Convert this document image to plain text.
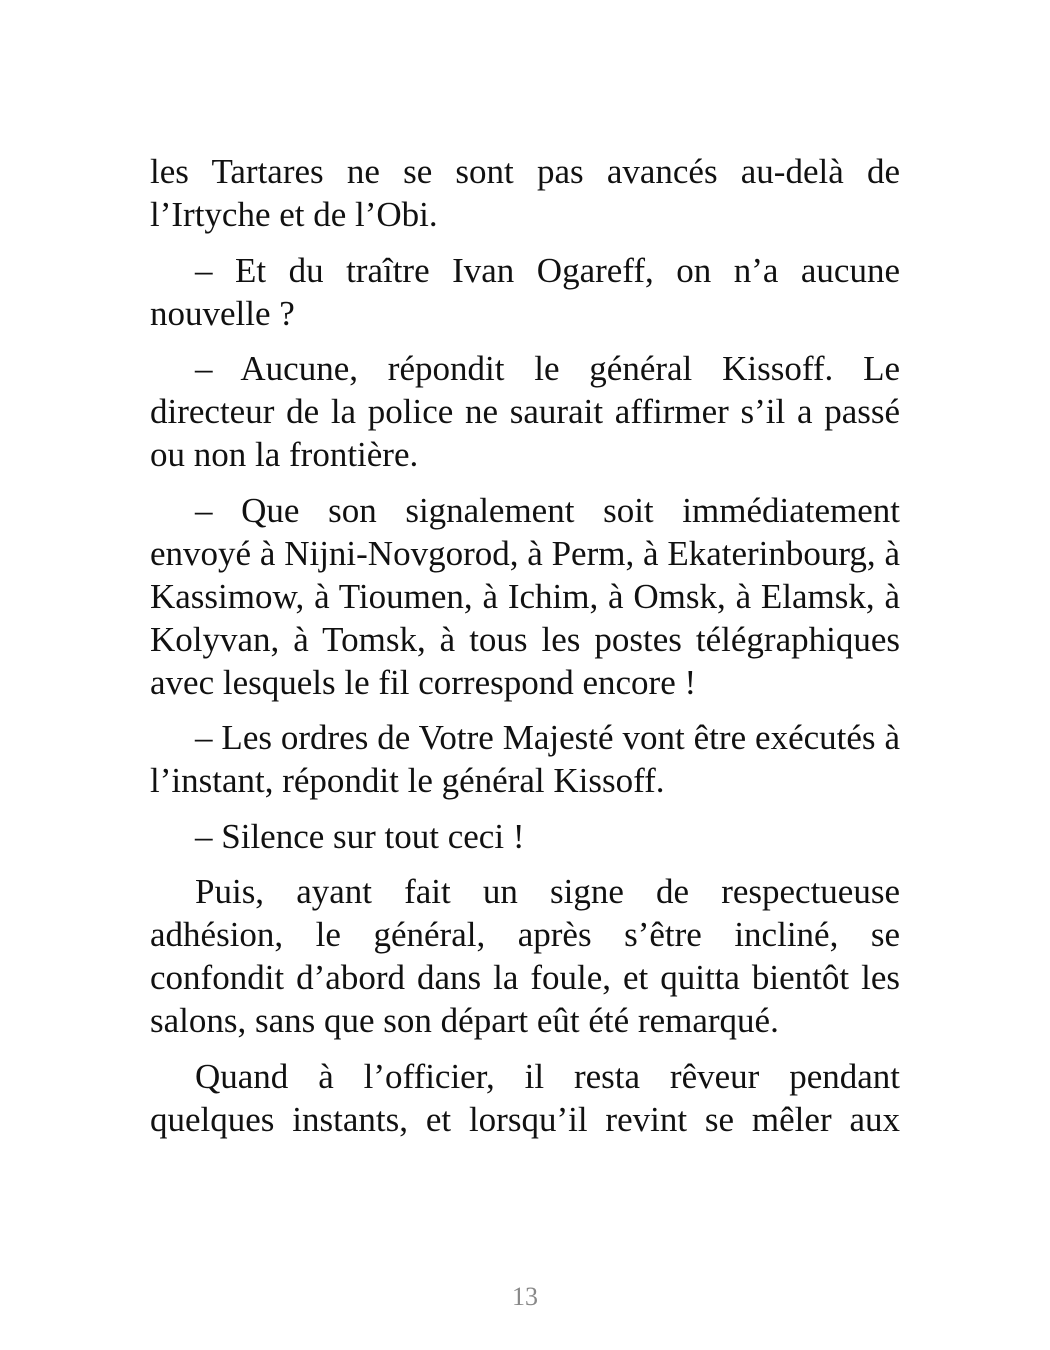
les Tartares ne se sont pas avancés au-delà de l’Irtyche et de l’Obi.

– Et du traître Ivan Ogareff, on n’a aucune nouvelle ?

– Aucune, répondit le général Kissoff. Le directeur de la police ne saurait affirmer s’il a passé ou non la frontière.

– Que son signalement soit immédiatement envoyé à Nijni-Novgorod, à Perm, à Ekaterinbourg, à Kassimow, à Tioumen, à Ichim, à Omsk, à Elamsk, à Kolyvan, à Tomsk, à tous les postes télégraphiques avec lesquels le fil correspond encore !

– Les ordres de Votre Majesté vont être exécutés à l’instant, répondit le général Kissoff.

– Silence sur tout ceci !

Puis, ayant fait un signe de respectueuse adhésion, le général, après s’être incliné, se confondit d’abord dans la foule, et quitta bientôt les salons, sans que son départ eût été remarqué.

Quand à l’officier, il resta rêveur pendant quelques instants, et lorsqu’il revint se mêler aux

13
